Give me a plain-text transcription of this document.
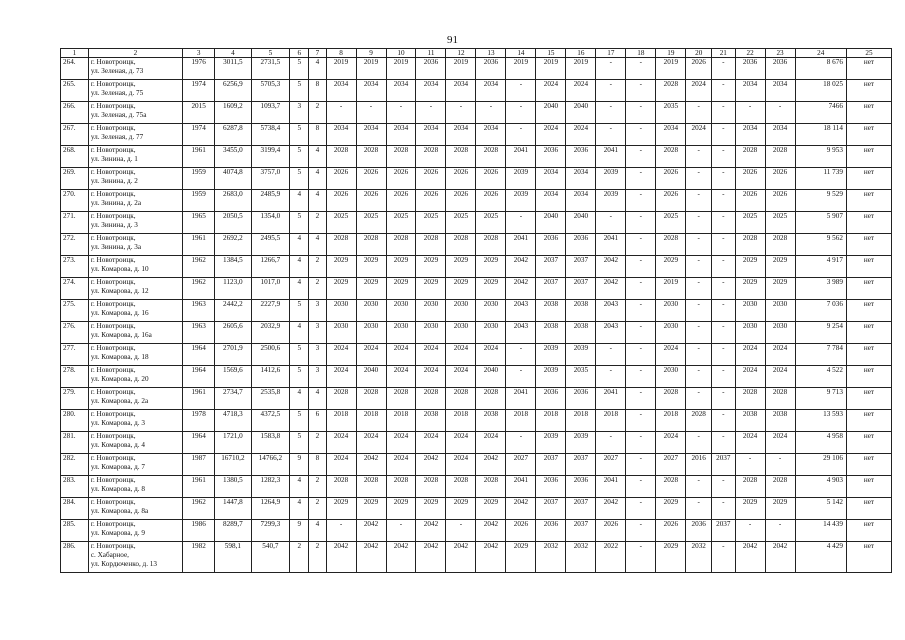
91
1	2	3	4	5	6	7	8	9	10	11	12	13	14	15	16	17	18	19	20	21	22	23	24	25
264.	г. Новотроицк,
ул. Зеленая, д. 73	1976	3011,5	2731,5	5	4	2019	2019	2019	2036	2019	2036	2019	2019	2019	-	-	2019	2026	-	2036	2036	8 676	нет
265.	г. Новотроицк,
ул. Зеленая, д. 75	1974	6256,9	5705,3	5	8	2034	2034	2034	2034	2034	2034	-	2024	2024	-	-	2028	2024	-	2034	2034	18 025	нет
266.	г. Новотроицк,
ул. Зеленая, д. 75а	2015	1609,2	1093,7	3	2	-	-	-	-	-	-	-	2040	2040	-	-	2035	-	-	-	-	7466	нет
267.	г. Новотроицк,
ул. Зеленая, д. 77	1974	6287,8	5738,4	5	8	2034	2034	2034	2034	2034	2034	-	2024	2024	-	-	2034	2024	-	2034	2034	18 114	нет
268.	г. Новотроицк,
ул. Зинина, д. 1	1961	3455,0	3199,4	5	4	2028	2028	2028	2028	2028	2028	2041	2036	2036	2041	-	2028	-	-	2028	2028	9 953	нет
269.	г. Новотроицк,
ул. Зинина, д. 2	1959	4074,8	3757,0	5	4	2026	2026	2026	2026	2026	2026	2039	2034	2034	2039	-	2026	-	-	2026	2026	11 739	нет
270.	г. Новотроицк,
ул. Зинина, д. 2а	1959	2683,0	2485,9	4	4	2026	2026	2026	2026	2026	2026	2039	2034	2034	2039	-	2026	-	-	2026	2026	9 529	нет
271.	г. Новотроицк,
ул. Зинина, д. 3	1965	2050,5	1354,0	5	2	2025	2025	2025	2025	2025	2025	-	2040	2040	-	-	2025	-	-	2025	2025	5 907	нет
272.	г. Новотроицк,
ул. Зинина, д. 3а	1961	2692,2	2495,5	4	4	2028	2028	2028	2028	2028	2028	2041	2036	2036	2041	-	2028	-	-	2028	2028	9 562	нет
273.	г. Новотроицк,
ул. Комарова, д. 10	1962	1384,5	1266,7	4	2	2029	2029	2029	2029	2029	2029	2042	2037	2037	2042	-	2029	-	-	2029	2029	4 917	нет
274.	г. Новотроицк,
ул. Комарова, д. 12	1962	1123,0	1017,0	4	2	2029	2029	2029	2029	2029	2029	2042	2037	2037	2042	-	2019	-	-	2029	2029	3 989	нет
275.	г. Новотроицк,
ул. Комарова, д. 16	1963	2442,2	2227,9	5	3	2030	2030	2030	2030	2030	2030	2043	2038	2038	2043	-	2030	-	-	2030	2030	7 036	нет
276.	г. Новотроицк,
ул. Комарова, д. 16а	1963	2605,6	2032,9	4	3	2030	2030	2030	2030	2030	2030	2043	2038	2038	2043	-	2030	-	-	2030	2030	9 254	нет
277.	г. Новотроицк,
ул. Комарова, д. 18	1964	2701,9	2500,6	5	3	2024	2024	2024	2024	2024	2024	-	2039	2039	-	-	2024	-	-	2024	2024	7 784	нет
278.	г. Новотроицк,
ул. Комарова, д. 20	1964	1569,6	1412,6	5	3	2024	2040	2024	2024	2024	2040	-	2039	2035	-	-	2030	-	-	2024	2024	4 522	нет
279.	г. Новотроицк,
ул. Комарова, д. 2а	1961	2734,7	2535,8	4	4	2028	2028	2028	2028	2028	2028	2041	2036	2036	2041	-	2028	-	-	2028	2028	9 713	нет
280.	г. Новотроицк,
ул. Комарова, д. 3	1978	4718,3	4372,5	5	6	2018	2018	2018	2038	2018	2038	2018	2018	2018	2018	-	2018	2028	-	2038	2038	13 593	нет
281.	г. Новотроицк,
ул. Комарова, д. 4	1964	1721,0	1583,8	5	2	2024	2024	2024	2024	2024	2024	-	2039	2039	-	-	2024	-	-	2024	2024	4 958	нет
282.	г. Новотроицк,
ул. Комарова, д. 7	1987	16710,2	14766,2	9	8	2024	2042	2024	2042	2024	2042	2027	2037	2037	2027	-	2027	2016	2037	-	-	29 106	нет
283.	г. Новотроицк,
ул. Комарова, д. 8	1961	1380,5	1282,3	4	2	2028	2028	2028	2028	2028	2028	2041	2036	2036	2041	-	2028	-	-	2028	2028	4 903	нет
284.	г. Новотроицк,
ул. Комарова, д. 8а	1962	1447,8	1264,9	4	2	2029	2029	2029	2029	2029	2029	2042	2037	2037	2042	-	2029	-	-	2029	2029	5 142	нет
285.	г. Новотроицк,
ул. Комарова, д. 9	1986	8289,7	7299,3	9	4	-	2042	-	2042	-	2042	2026	2036	2037	2026	-	2026	2036	2037	-	-	14 439	нет
286.	г. Новотроицк,
с. Хабарное,
ул. Кордюченко, д. 13	1982	598,1	540,7	2	2	2042	2042	2042	2042	2042	2042	2029	2032	2032	2022	-	2029	2032	-	2042	2042	4 429	нет
